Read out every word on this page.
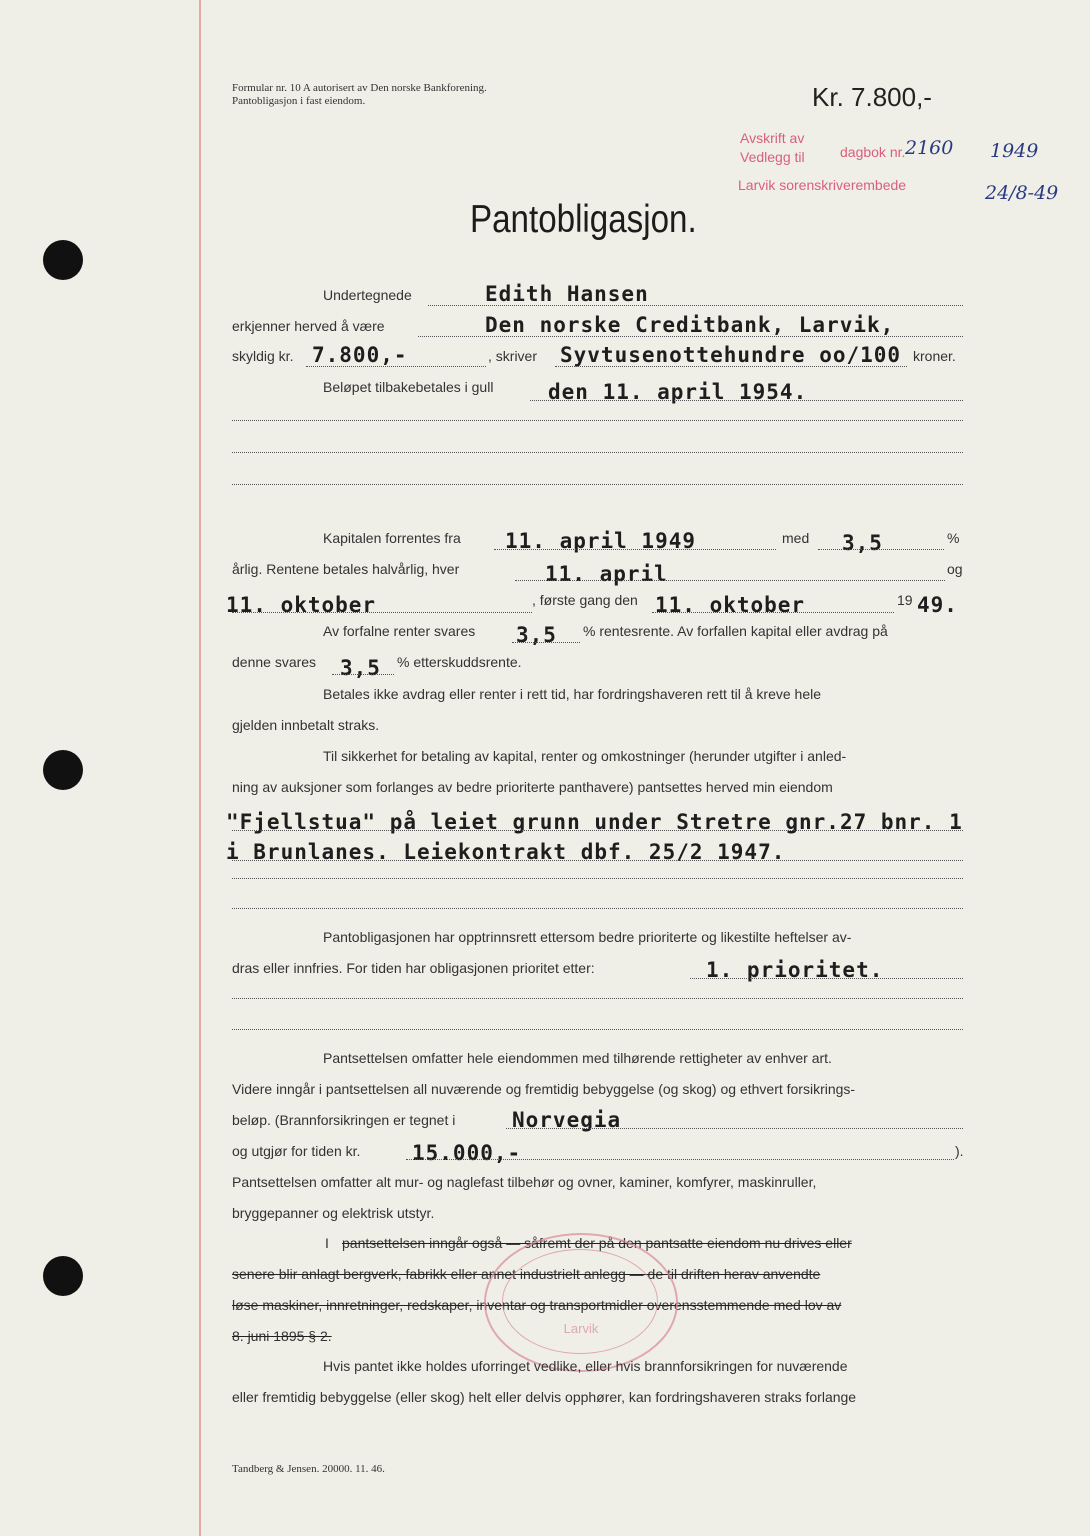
Formular nr. 10 A autorisert av Den norske Bankforening.
Pantobligasjon i fast eiendom.	Kr. 7.800,-
Avskrift av
Vedlegg til	dagbok nr. 2160 1949
Larvik sorenskriverembede	24/8-49
Pantobligasjon.
Undertegnede	Edith Hansen
erkjenner herved å være	Den norske Creditbank, Larvik,
skyldig kr. 7.800,-	, skriver Syvtusenottehundre oo/100 kroner.
Beløpet tilbakebetales i gull	den 11. april 1954.
Kapitalen forrentes fra 11. april 1949	med 3,5	%
årlig. Rentene betales halvårlig, hver	11. april	og
11. oktober	, første gang den 11. oktober	19 49.
Av forfalne renter svares 3,5 % rentesrente. Av forfallen kapital eller avdrag på
denne svares 3,5 % etterskuddsrente.
Betales ikke avdrag eller renter i rett tid, har fordringshaveren rett til å kreve hele
gjelden innbetalt straks.
Til sikkerhet for betaling av kapital, renter og omkostninger (herunder utgifter i anled-
ning av auksjoner som forlanges av bedre prioriterte panthavere) pantsettes herved min eiendom
"Fjellstua" på leiet grunn under Stretre gnr.27 bnr. 1
i Brunlanes. Leiekontrakt dbf. 25/2 1947.
Pantobligasjonen har opptrinnsrett ettersom bedre prioriterte og likestilte heftelser av-
dras eller innfries. For tiden har obligasjonen prioritet etter:	1. prioritet.
Pantsettelsen omfatter hele eiendommen med tilhørende rettigheter av enhver art.
Videre inngår i pantsettelsen all nuværende og fremtidig bebyggelse (og skog) og ethvert forsikrings-
beløp. (Brannforsikringen er tegnet i	Norvegia
og utgjør for tiden kr. 15.000,-	).
Pantsettelsen omfatter alt mur- og naglefast tilbehør og ovner, kaminer, komfyrer, maskinruller,
bryggepanner og elektrisk utstyr.
I pantsettelsen inngår også — såfremt der på den pantsatte eiendom nu drives eller
senere blir anlagt bergverk, fabrikk eller annet industrielt anlegg — de til driften herav anvendte
løse maskiner, innretninger, redskaper, inventar og transportmidler overensstemmende med lov av
8. juni 1895 § 2.	Larvik
Hvis pantet ikke holdes uforringet vedlike, eller hvis brannforsikringen for nuværende
eller fremtidig bebyggelse (eller skog) helt eller delvis opphører, kan fordringshaveren straks forlange
Tandberg & Jensen. 20000. 11. 46.
